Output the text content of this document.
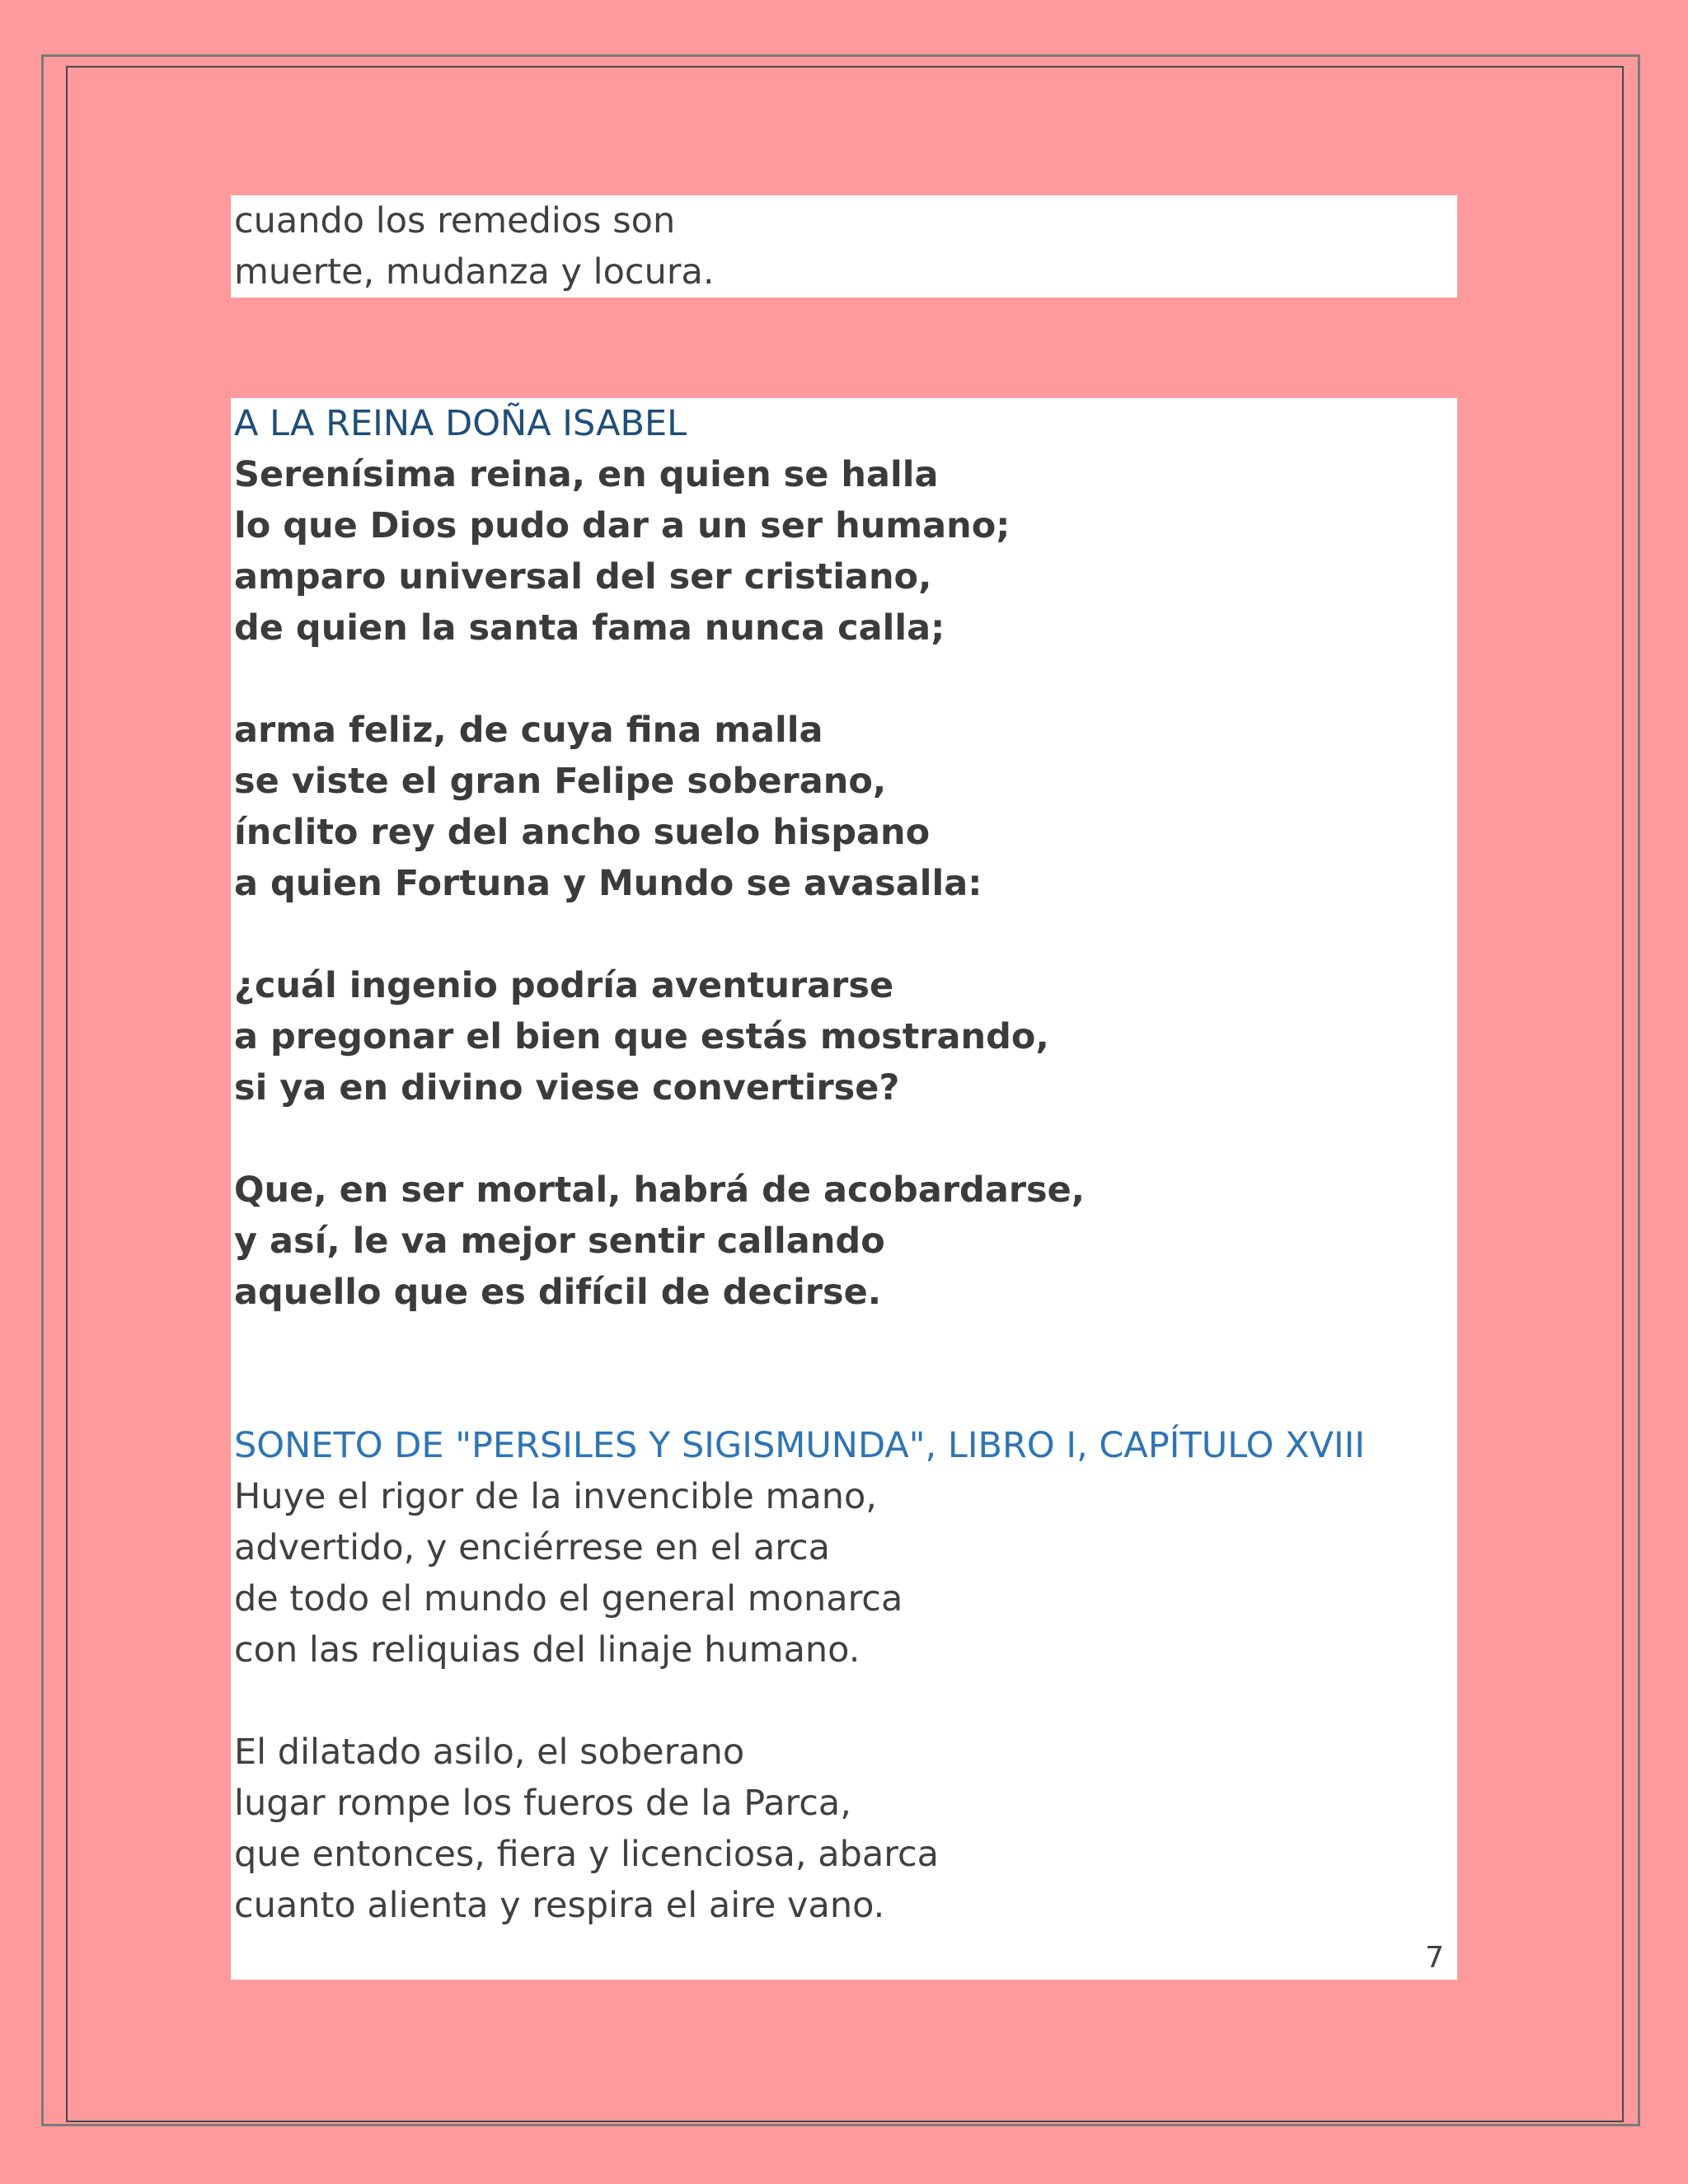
cuando los remedios son

muerte, mudanza y locura.

A LA REINA DOÑA ISABEL

Serenísima reina, en quien se halla

lo que Dios pudo dar a un ser humano;

amparo universal del ser cristiano,

de quien la santa fama nunca calla;

arma feliz, de cuya fina malla

se viste el gran Felipe soberano,

ínclito rey del ancho suelo hispano

a quien Fortuna y Mundo se avasalla:

¿cuál ingenio podría aventurarse

a pregonar el bien que estás mostrando,

si ya en divino viese convertirse?

Que, en ser mortal, habrá de acobardarse,

y así, le va mejor sentir callando

aquello que es difícil de decirse.

SONETO DE "PERSILES Y SIGISMUNDA", LIBRO I, CAPÍTULO XVIII

Huye el rigor de la invencible mano,

advertido, y enciérrese en el arca

de todo el mundo el general monarca

con las reliquias del linaje humano.

El dilatado asilo, el soberano

lugar rompe los fueros de la Parca,

que entonces, fiera y licenciosa, abarca

cuanto alienta y respira el aire vano.

7
